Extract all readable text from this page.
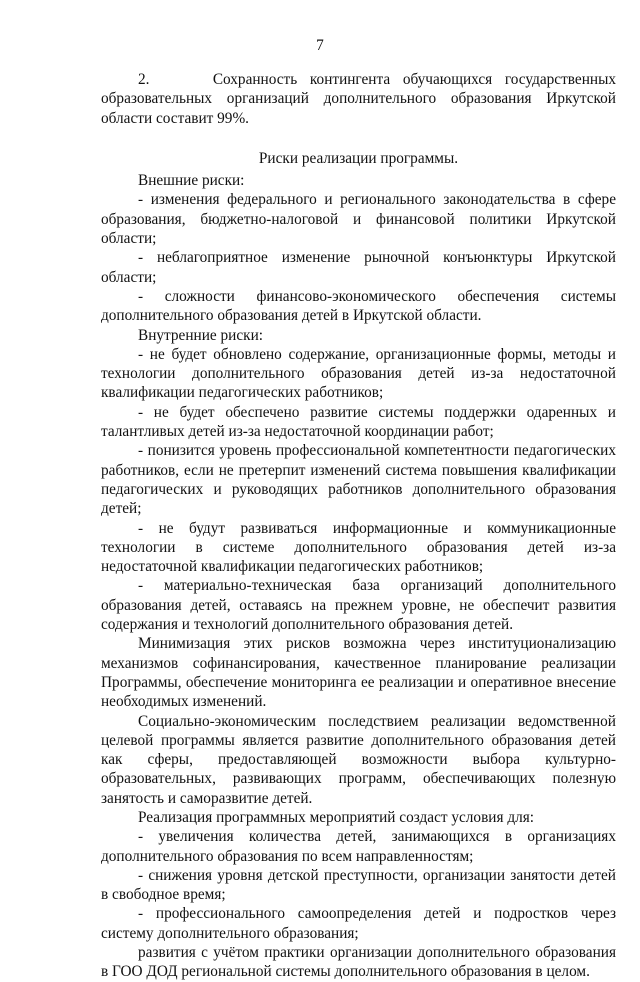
7

2.     Сохранность контингента обучающихся государственных образовательных организаций дополнительного образования Иркутской области составит 99%.

Риски реализации программы.

Внешние риски:

- изменения федерального и регионального законодательства в сфере образования, бюджетно-налоговой и финансовой политики Иркутской области;

- неблагоприятное изменение рыночной конъюнктуры Иркутской области;

- сложности финансово-экономического обеспечения системы дополнительного образования детей в Иркутской области.

Внутренние риски:

- не будет обновлено содержание, организационные формы, методы и технологии дополнительного образования детей из-за недостаточной квалификации педагогических работников;

- не будет обеспечено развитие системы поддержки одаренных и талантливых детей из-за недостаточной координации работ;

- понизится уровень профессиональной компетентности педагогических работников, если не претерпит изменений система повышения квалификации педагогических и руководящих работников дополнительного образования детей;

- не будут развиваться информационные и коммуникационные технологии в системе дополнительного образования детей из-за недостаточной квалификации педагогических работников;

- материально-техническая база организаций дополнительного образования детей, оставаясь на прежнем уровне, не обеспечит развития содержания и технологий дополнительного образования детей.

Минимизация этих рисков возможна через институционализацию механизмов софинансирования, качественное планирование реализации Программы, обеспечение мониторинга ее реализации и оперативное внесение необходимых изменений.

Социально-экономическим последствием реализации ведомственной целевой программы является развитие дополнительного образования детей как сферы, предоставляющей возможности выбора культурно-образовательных, развивающих программ, обеспечивающих полезную занятость и саморазвитие детей.

Реализация программных мероприятий создаст условия для:

- увеличения количества детей, занимающихся в организациях дополнительного образования по всем направленностям;

- снижения уровня детской преступности, организации занятости детей в свободное время;

- профессионального самоопределения детей и подростков через систему дополнительного образования;

развития с учётом практики организации дополнительного образования в ГОО ДОД региональной системы дополнительного образования в целом.
